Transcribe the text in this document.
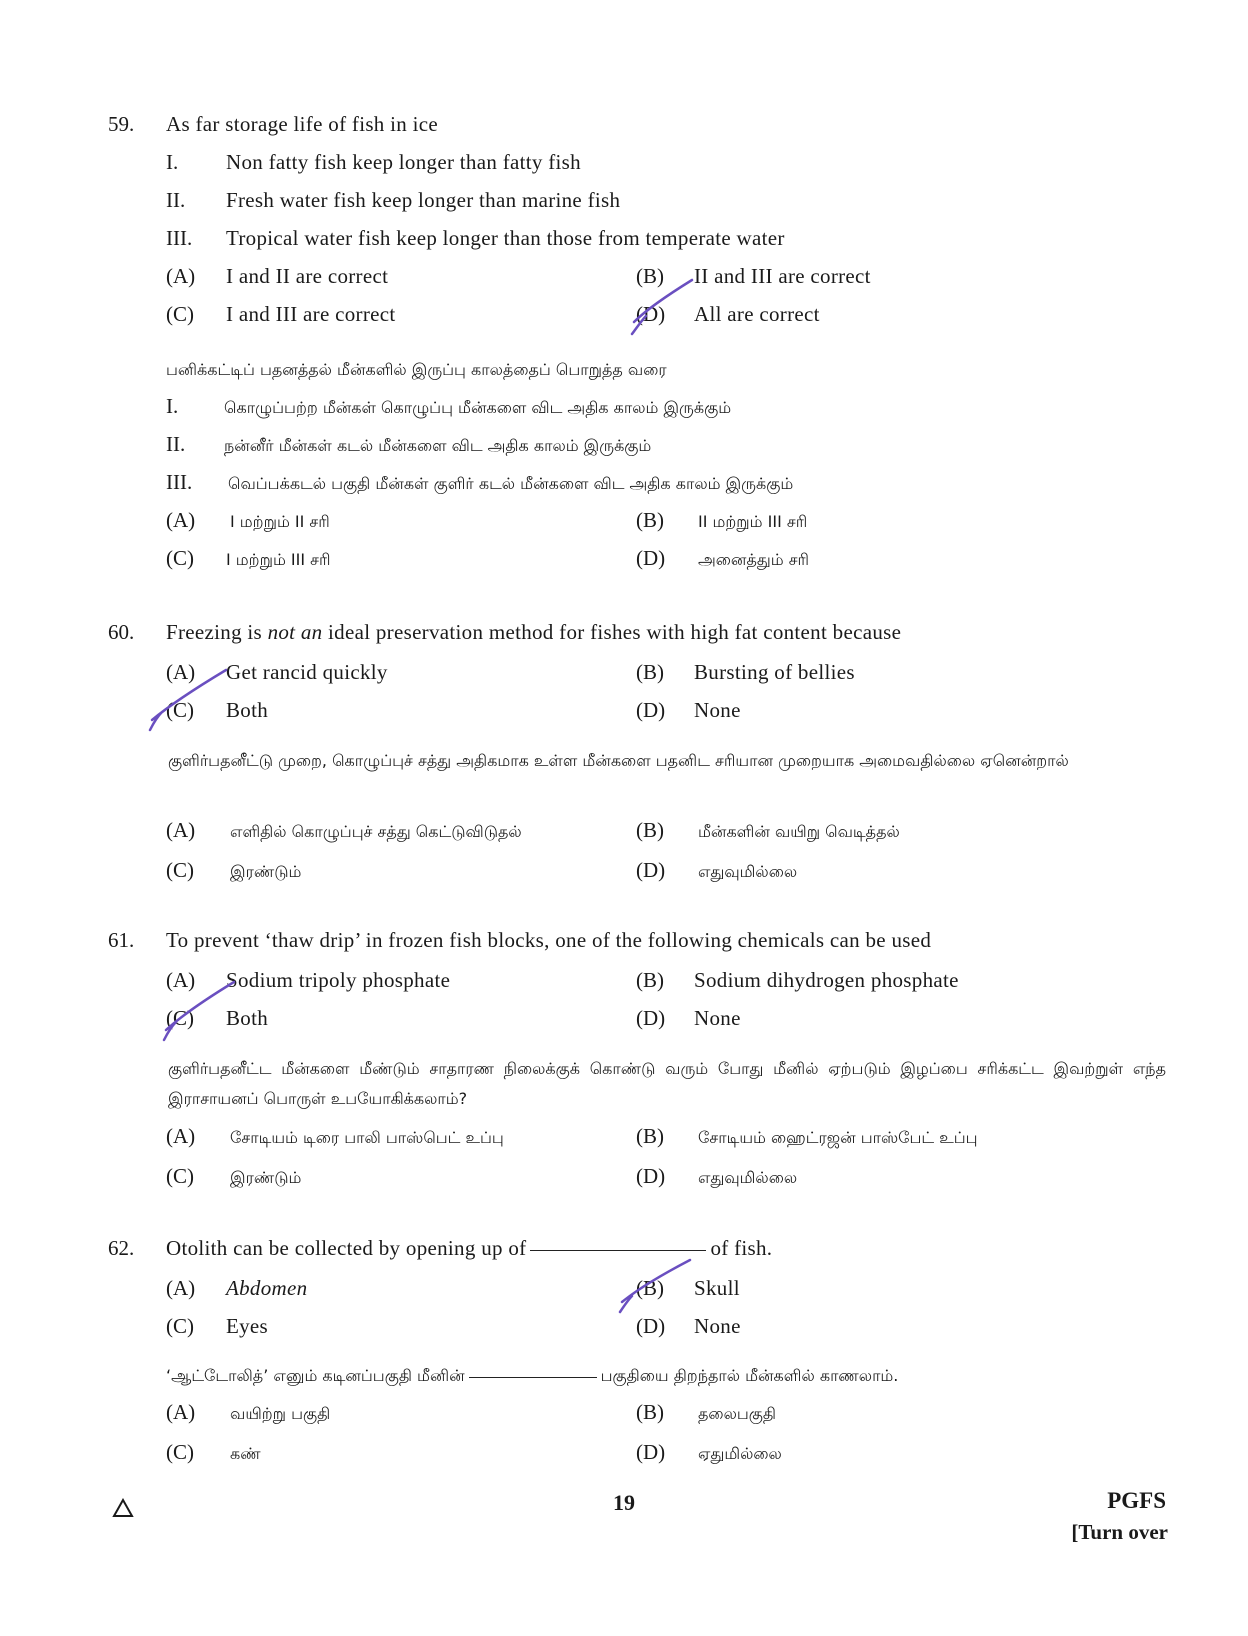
59. As far storage life of fish in ice
I. Non fatty fish keep longer than fatty fish
II. Fresh water fish keep longer than marine fish
III. Tropical water fish keep longer than those from temperate water
(A) I and II are correct	(B) II and III are correct
(C) I and III are correct	(D) All are correct
பனிக்கட்டிப் பதனத்தல் மீன்களில் இருப்பு காலத்தைப் பொறுத்த வரை
I.	கொழுப்பற்ற மீன்கள் கொழுப்பு மீன்களை விட அதிக காலம் இருக்கும்
II. நன்னீர் மீன்கள் கடல் மீன்களை விட அதிக காலம் இருக்கும்
III. வெப்பக்கடல் பகுதி மீன்கள் குளிர் கடல் மீன்களை விட அதிக காலம் இருக்கும்
(A) I மற்றும் II சரி	(B) II மற்றும் III சரி
(C) I மற்றும் III சரி	(D) அனைத்தும் சரி
60. Freezing is not an ideal preservation method for fishes with high fat content because
(A) Get rancid quickly	(B) Bursting of bellies
(C) Both	(D) None
குளிர்பதனீட்டு முறை, கொழுப்புச் சத்து அதிகமாக உள்ள மீன்களை பதனிட சரியான முறையாக அமைவதில்லை ஏனென்றால்
(A) எளிதில் கொழுப்புச் சத்து கெட்டுவிடுதல்	(B) மீன்களின் வயிறு வெடித்தல்
(C) இரண்டும்	(D) எதுவுமில்லை
61. To prevent ‘thaw drip’ in frozen fish blocks, one of the following chemicals can be used
(A) Sodium tripoly phosphate	(B) Sodium dihydrogen phosphate
(C) Both	(D) None
குளிர்பதனீட்ட மீன்களை மீண்டும் சாதாரண நிலைக்குக் கொண்டு வரும் போது மீனில் ஏற்படும் இழப்பை சரிக்கட்ட இவற்றுள் எந்த இராசாயனப் பொருள் உபயோகிக்கலாம்?
(A) சோடியம் டிரை பாலி பாஸ்பெட் உப்பு	(B) சோடியம் ஹைட்ரஜன் பாஸ்பேட் உப்பு
(C) இரண்டும்	(D) எதுவுமில்லை
62. Otolith can be collected by opening up of	of fish.
(A) Abdomen	(B) Skull
(C) Eyes	(D) None
‘ஆட்டோலித்’ எனும் கடினப்பகுதி மீனின்	பகுதியை திறந்தால் மீன்களில் காணலாம்.
(A) வயிற்று பகுதி	(B) தலைபகுதி
(C) கண்	(D) ஏதுமில்லை
19	PGFS
[Turn over
